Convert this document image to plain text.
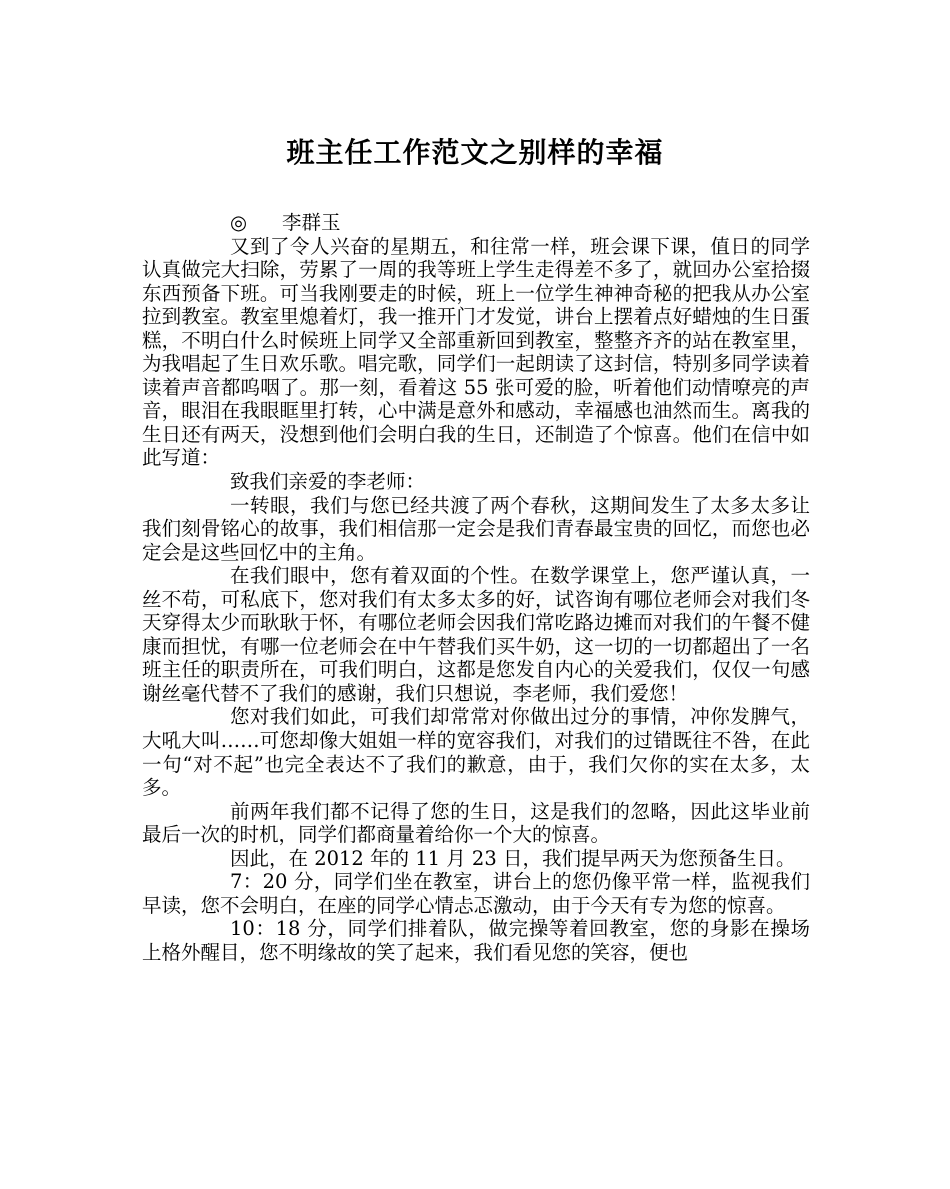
班主任工作范文之别样的幸福
◎ 李群玉

又到了令人兴奋的星期五，和往常一样，班会课下课，值日的同学认真做完大扫除，劳累了一周的我等班上学生走得差不多了，就回办公室拾掇东西预备下班。可当我刚要走的时候，班上一位学生神神奇秘的把我从办公室拉到教室。教室里熄着灯，我一推开门才发觉，讲台上摆着点好蜡烛的生日蛋糕，不明白什么时候班上同学又全部重新回到教室，整整齐齐的站在教室里，为我唱起了生日欢乐歌。唱完歌，同学们一起朗读了这封信，特别多同学读着读着声音都呜咽了。那一刻，看着这 55 张可爱的脸，听着他们动情嘹亮的声音，眼泪在我眼眶里打转，心中满是意外和感动，幸福感也油然而生。离我的生日还有两天，没想到他们会明白我的生日，还制造了个惊喜。他们在信中如此写道：

致我们亲爱的李老师：

一转眼，我们与您已经共渡了两个春秋，这期间发生了太多太多让我们刻骨铭心的故事，我们相信那一定会是我们青春最宝贵的回忆，而您也必定会是这些回忆中的主角。

在我们眼中，您有着双面的个性。在数学课堂上，您严谨认真，一丝不苟，可私底下，您对我们有太多太多的好，试咨询有哪位老师会对我们冬天穿得太少而耿耿于怀，有哪位老师会因我们常吃路边摊而对我们的午餐不健康而担忧，有哪一位老师会在中午替我们买牛奶，这一切的一切都超出了一名班主任的职责所在，可我们明白，这都是您发自内心的关爱我们，仅仅一句感谢丝毫代替不了我们的感谢，我们只想说，李老师，我们爱您！

您对我们如此，可我们却常常对你做出过分的事情，冲你发脾气，大吼大叫……可您却像大姐姐一样的宽容我们，对我们的过错既往不咎，在此一句“对不起”也完全表达不了我们的歉意，由于，我们欠你的实在太多，太多。

前两年我们都不记得了您的生日，这是我们的忽略，因此这毕业前最后一次的时机，同学们都商量着给你一个大的惊喜。

因此，在 2012 年的 11 月 23 日，我们提早两天为您预备生日。

7：20 分，同学们坐在教室，讲台上的您仍像平常一样，监视我们早读，您不会明白，在座的同学心情忐忑激动，由于今天有专为您的惊喜。

10：18 分，同学们排着队，做完操等着回教室，您的身影在操场上格外醒目，您不明缘故的笑了起来，我们看见您的笑容，便也
